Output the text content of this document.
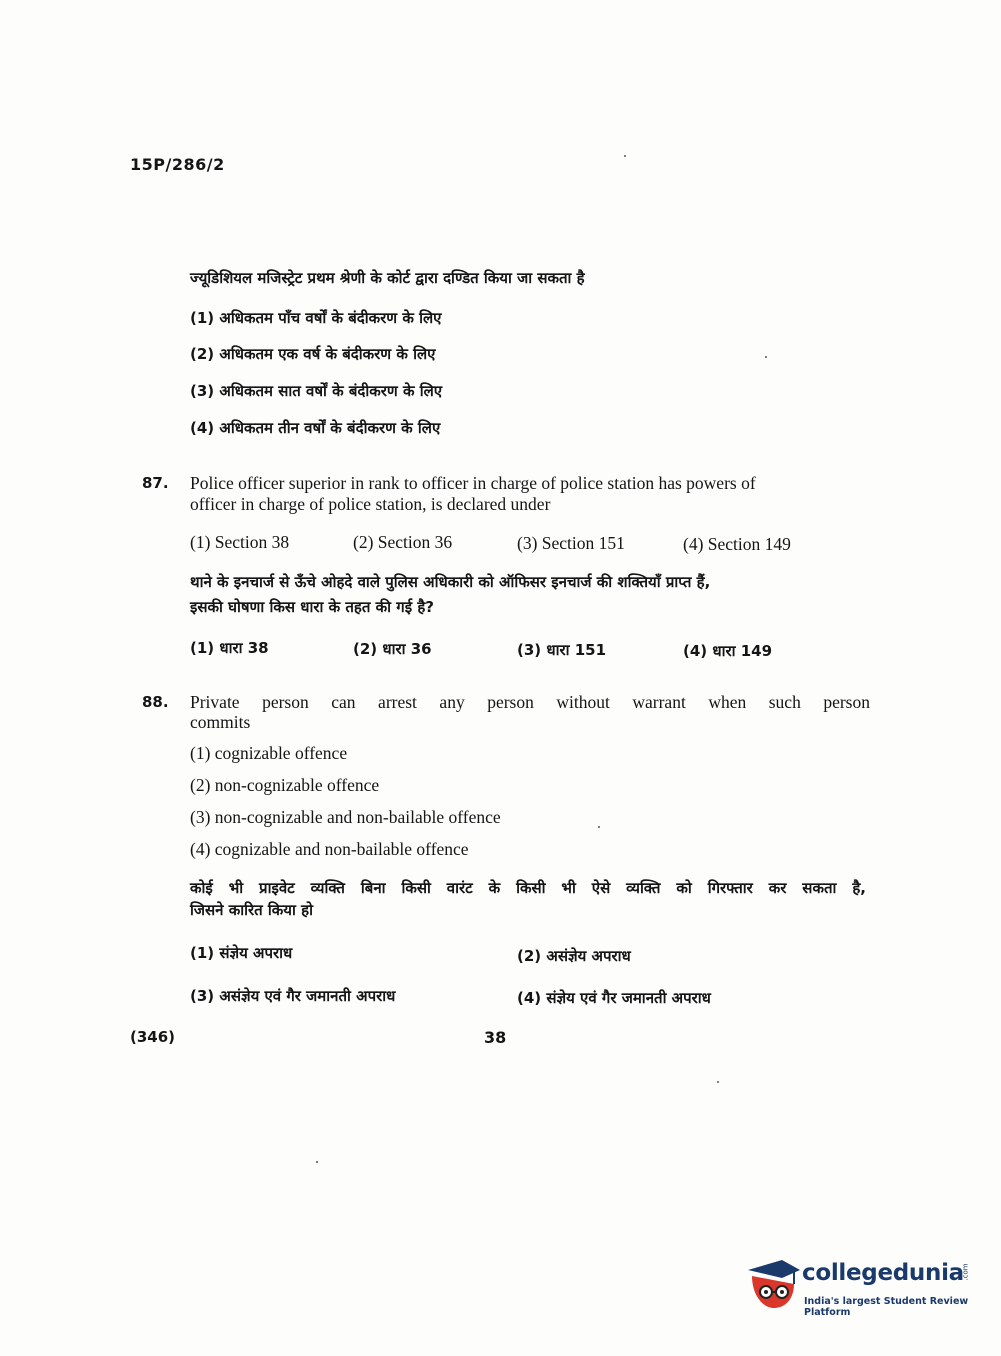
15P/286/2
ज्यूडिशियल मजिस्ट्रेट प्रथम श्रेणी के कोर्ट द्वारा दण्डित किया जा सकता है
(1) अधिकतम पाँच वर्षों के बंदीकरण के लिए
(2) अधिकतम एक वर्ष के बंदीकरण के लिए
(3) अधिकतम सात वर्षों के बंदीकरण के लिए
(4) अधिकतम तीन वर्षों के बंदीकरण के लिए
87. Police officer superior in rank to officer in charge of police station has powers of
officer in charge of police station, is declared under
(1) Section 38	(2) Section 36	(3) Section 151	(4) Section 149
थाने के इनचार्ज से ऊँचे ओहदे वाले पुलिस अधिकारी को ऑफिसर इनचार्ज की शक्तियाँ प्राप्त हैं,
इसकी घोषणा किस धारा के तहत की गई है?
(1) धारा 38	(2) धारा 36	(3) धारा 151	(4) धारा 149
88. Private person can arrest any person without warrant when such person
commits
(1) cognizable offence
(2) non-cognizable offence
(3) non-cognizable and non-bailable offence
(4) cognizable and non-bailable offence
कोई भी प्राइवेट व्यक्ति बिना किसी वारंट के किसी भी ऐसे व्यक्ति को गिरफ्तार कर सकता है,
जिसने कारित किया हो
(1) संज्ञेय अपराध	(2) असंज्ञेय अपराध
(3) असंज्ञेय एवं गैर जमानती अपराध	(4) संज्ञेय एवं गैर जमानती अपराध
(346)	38
collegedunia
.com
India's largest Student Review Platform
